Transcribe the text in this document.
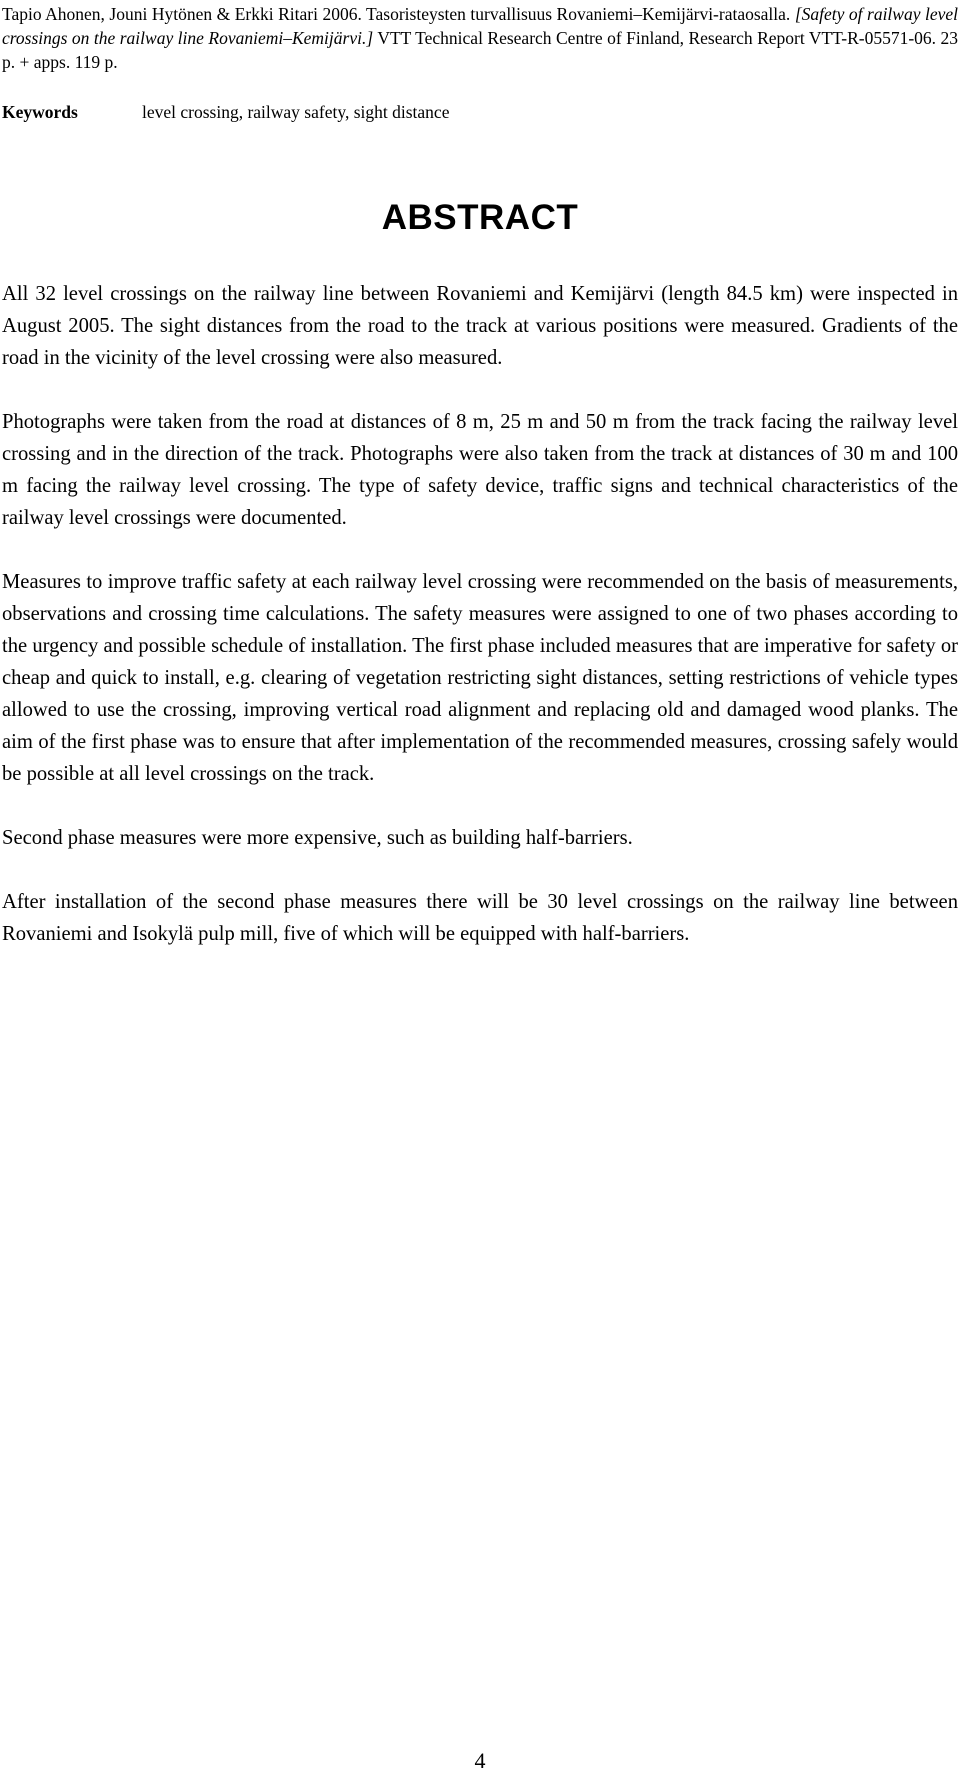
Tapio Ahonen, Jouni Hytönen & Erkki Ritari 2006. Tasoristeysten turvallisuus Rovaniemi–Kemijärvi-rataosalla. [Safety of railway level crossings on the railway line Rovaniemi–Kemijärvi.] VTT Technical Research Centre of Finland, Research Report VTT-R-05571-06. 23 p. + apps. 119 p.

Keywords	level crossing, railway safety, sight distance
ABSTRACT

All 32 level crossings on the railway line between Rovaniemi and Kemijärvi (length 84.5 km) were inspected in August 2005. The sight distances from the road to the track at various positions were measured. Gradients of the road in the vicinity of the level crossing were also measured.

Photographs were taken from the road at distances of 8 m, 25 m and 50 m from the track facing the railway level crossing and in the direction of the track. Photographs were also taken from the track at distances of 30 m and 100 m facing the railway level crossing. The type of safety device, traffic signs and technical characteristics of the railway level crossings were documented.

Measures to improve traffic safety at each railway level crossing were recommended on the basis of measurements, observations and crossing time calculations. The safety measures were assigned to one of two phases according to the urgency and possible schedule of installation. The first phase included measures that are imperative for safety or cheap and quick to install, e.g. clearing of vegetation restricting sight distances, setting restrictions of vehicle types allowed to use the crossing, improving vertical road alignment and replacing old and damaged wood planks. The aim of the first phase was to ensure that after implementation of the recommended measures, crossing safely would be possible at all level crossings on the track.

Second phase measures were more expensive, such as building half-barriers.

After installation of the second phase measures there will be 30 level crossings on the railway line between Rovaniemi and Isokylä pulp mill, five of which will be equipped with half-barriers.

4
